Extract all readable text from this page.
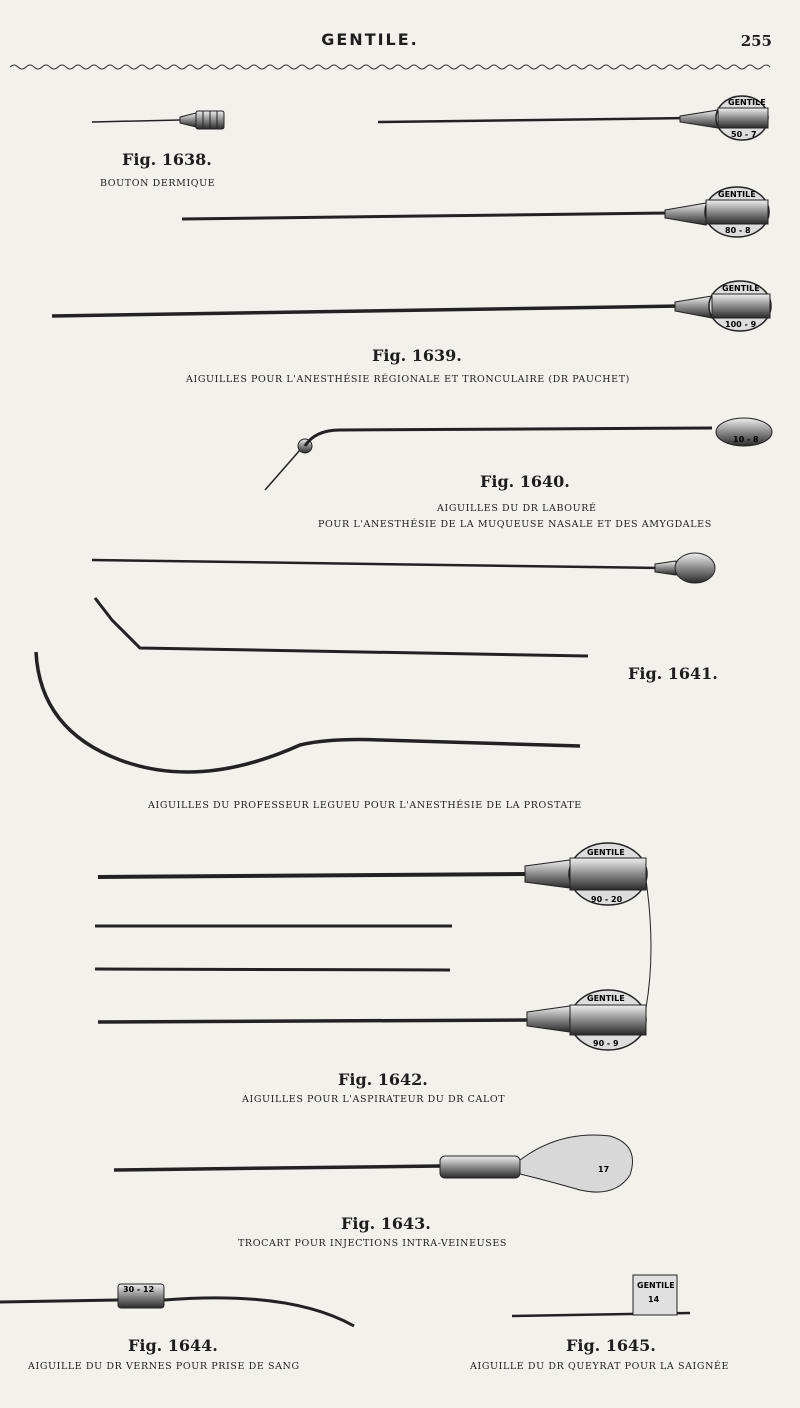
GENTILE.	255
GENTILE
50 - 7
GENTILE
80 - 8
GENTILE
100 - 9
10 - 8
GENTILE
90 - 20
GENTILE
90 - 9
17
30 - 12	GENTILE
14
Fig. 1638.
BOUTON DERMIQUE
Fig. 1639.
AIGUILLES POUR L'ANESTHÉSIE RÉGIONALE ET TRONCULAIRE (DR PAUCHET)
Fig. 1640.
AIGUILLES DU DR LABOURÉ
POUR L'ANESTHÉSIE DE LA MUQUEUSE NASALE ET DES AMYGDALES
Fig. 1641.
AIGUILLES DU PROFESSEUR LEGUEU POUR L'ANESTHÉSIE DE LA PROSTATE
Fig. 1642.
AIGUILLES POUR L'ASPIRATEUR DU DR CALOT
Fig. 1643.
TROCART POUR INJECTIONS INTRA-VEINEUSES
Fig. 1644.
AIGUILLE DU DR VERNES POUR PRISE DE SANG
Fig. 1645.
AIGUILLE DU DR QUEYRAT POUR LA SAIGNÉE
